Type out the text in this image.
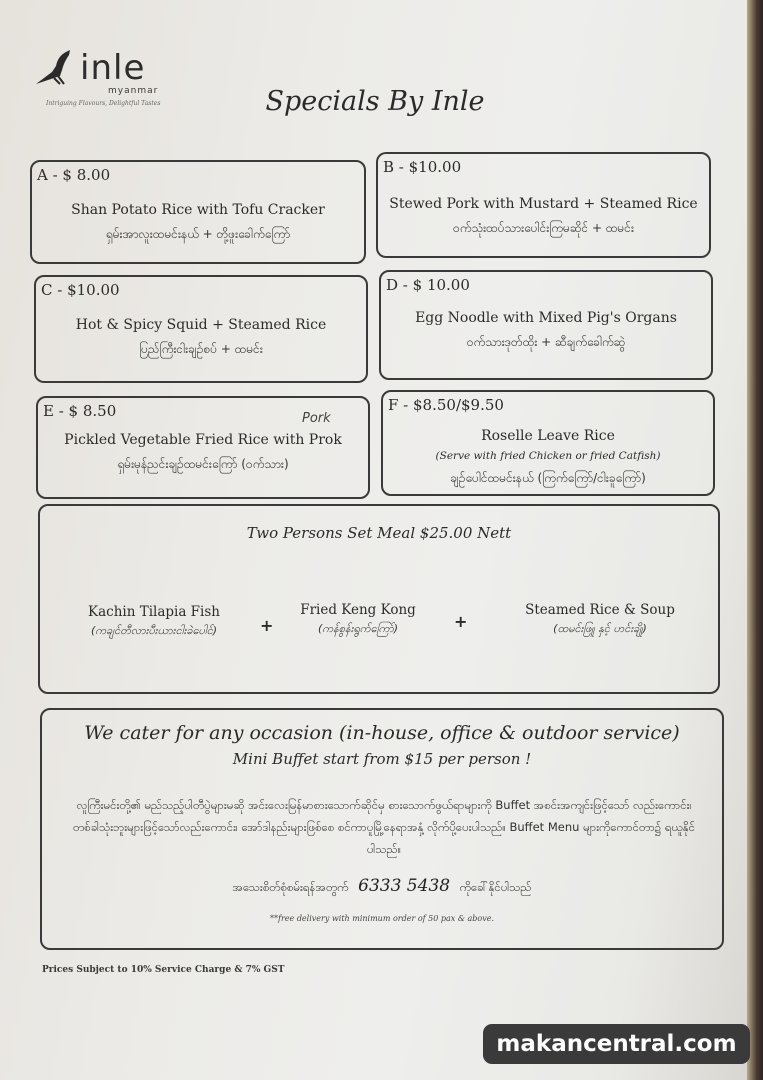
inle
myanmar
Intriguing Flavours, Delightful Tastes	Specials By Inle
A - $ 8.00
Shan Potato Rice with Tofu Cracker
ရှမ်းအာလူးထမင်းနယ် + တို့ဖူးခေါက်ကြော်
B - $10.00
Stewed Pork with Mustard + Steamed Rice
ဝက်သုံးထပ်သားပေါင်းကြမဆိုင် + ထမင်း
C - $10.00
Hot & Spicy Squid + Steamed Rice
ပြည်ကြီးငါးချဉ်စပ် + ထမင်း
D - $ 10.00
Egg Noodle with Mixed Pig's Organs
ဝက်သားဒုတ်ထိုး + ဆီချက်ခေါက်ဆွဲ
E - $ 8.50
Pickled Vegetable Fried Rice with Prok
ရှမ်းမုန်ညင်းချဉ်ထမင်းကြော် (ဝက်သား)
Pork
F - $8.50/$9.50
Roselle Leave Rice
(Serve with fried Chicken or fried Catfish)
ချဉ်ပေါင်ထမင်းနယ် (ကြက်ကြော်/ငါးခူကြော်)
Two Persons Set Meal $25.00 Nett
Kachin Tilapia Fish
(ကချင်တီလားပီးယားငါးခဲပေါင်)	+
Fried Keng Kong
(ကန်စွန်းရွက်ကြော်)	+
Steamed Rice & Soup
(ထမင်းဖြူ နှင့် ဟင်းချို)
We cater for any occasion (in-house, office & outdoor service)
Mini Buffet start from $15 per person !
လူကြီးမင်းတို့၏ မည်သည့်ပါတီပွဲများမဆို အင်းလေးမြန်မာစားသောက်ဆိုင်မှ စားသောက်ဖွယ်ရာများကို Buffet အစင်းအကျင်းဖြင့်သော် လည်းကောင်း၊ တစ်ခါသုံးဘူးများဖြင့်သော်လည်းကောင်း၊ အော်ဒါနည်းများဖြစ်စေ စင်ကာပူမြို့နေရာအနှံ့ လိုက်ပို့ပေးပါသည်။ Buffet Menu များကိုကောင်တာ၌ ရယူနိုင်ပါသည်။
အသေးစိတ်စုံစမ်းရန်အတွက် 6333 5438 ကိုခေါ်နိုင်ပါသည်
**free delivery with minimum order of 50 pax & above.
Prices Subject to 10% Service Charge & 7% GST
makancentral.com
